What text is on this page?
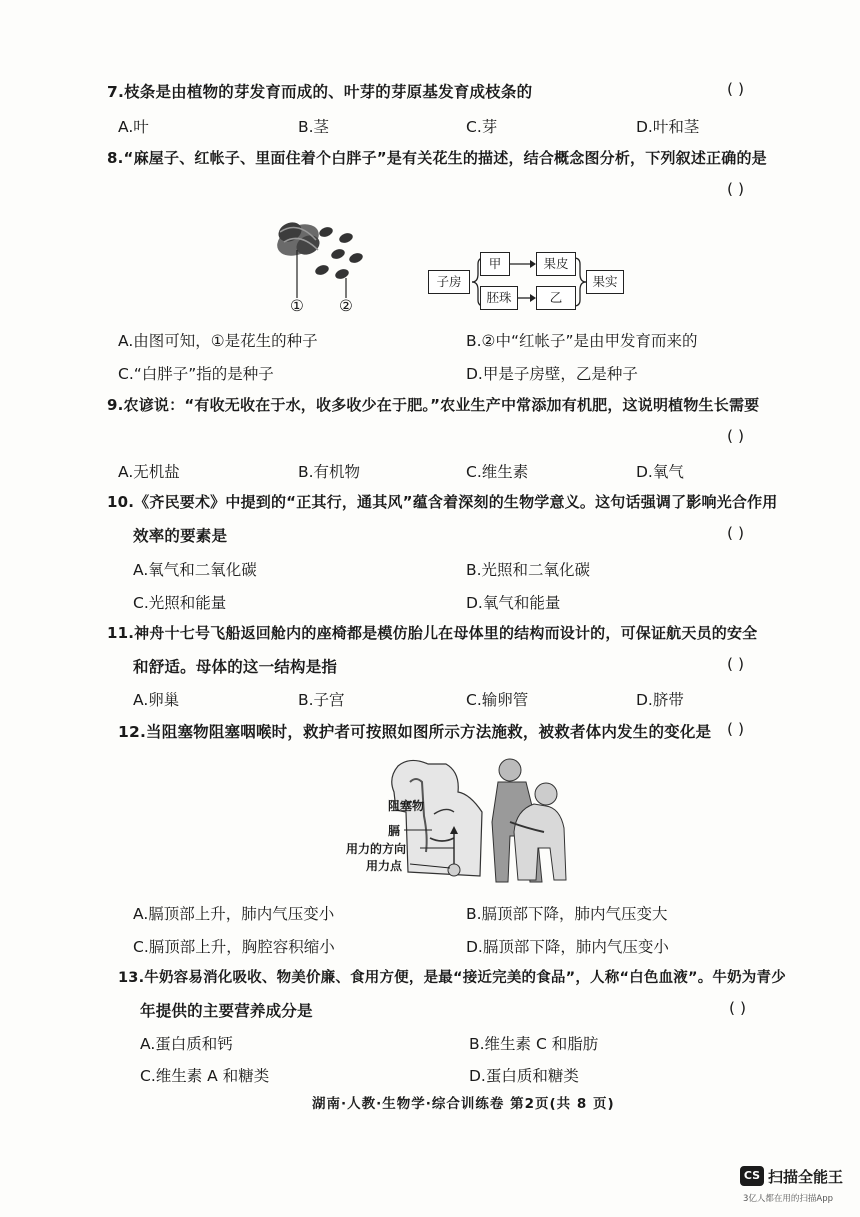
7.枝条是由植物的芽发育而成的、叶芽的芽原基发育成枝条的	( )
A.叶	B.茎	C.芽	D.叶和茎
8.“麻屋子、红帐子、里面住着个白胖子”是有关花生的描述，结合概念图分析，下列叙述正确的是
( )
① ②
子房
甲	果皮
胚珠	乙
果实
A.由图可知，①是花生的种子	B.②中“红帐子”是由甲发育而来的
C.“白胖子”指的是种子	D.甲是子房壁，乙是种子
9.农谚说：“有收无收在于水，收多收少在于肥。”农业生产中常添加有机肥，这说明植物生长需要
( )
A.无机盐	B.有机物	C.维生素	D.氧气
10.《齐民要术》中提到的“正其行，通其风”蕴含着深刻的生物学意义。这句话强调了影响光合作用
效率的要素是	( )
A.氧气和二氧化碳	B.光照和二氧化碳
C.光照和能量	D.氧气和能量
11.神舟十七号飞船返回舱内的座椅都是模仿胎儿在母体里的结构而设计的，可保证航天员的安全
和舒适。母体的这一结构是指	( )
A.卵巢	B.子宫	C.输卵管	D.脐带
12.当阻塞物阻塞咽喉时，救护者可按照如图所示方法施救，被救者体内发生的变化是 ( )
阻塞物
膈
用力的方向
用力点
A.膈顶部上升，肺内气压变小	B.膈顶部下降，肺内气压变大
C.膈顶部上升，胸腔容积缩小	D.膈顶部下降，肺内气压变小
13.牛奶容易消化吸收、物美价廉、食用方便，是最“接近完美的食品”，人称“白色血液”。牛奶为青少
年提供的主要营养成分是	( )
A.蛋白质和钙	B.维生素 C 和脂肪
C.维生素 A 和糖类	D.蛋白质和糖类
湖南·人教·生物学·综合训练卷 第2页(共 8 页)
CS 扫描全能王
3亿人都在用的扫描App
